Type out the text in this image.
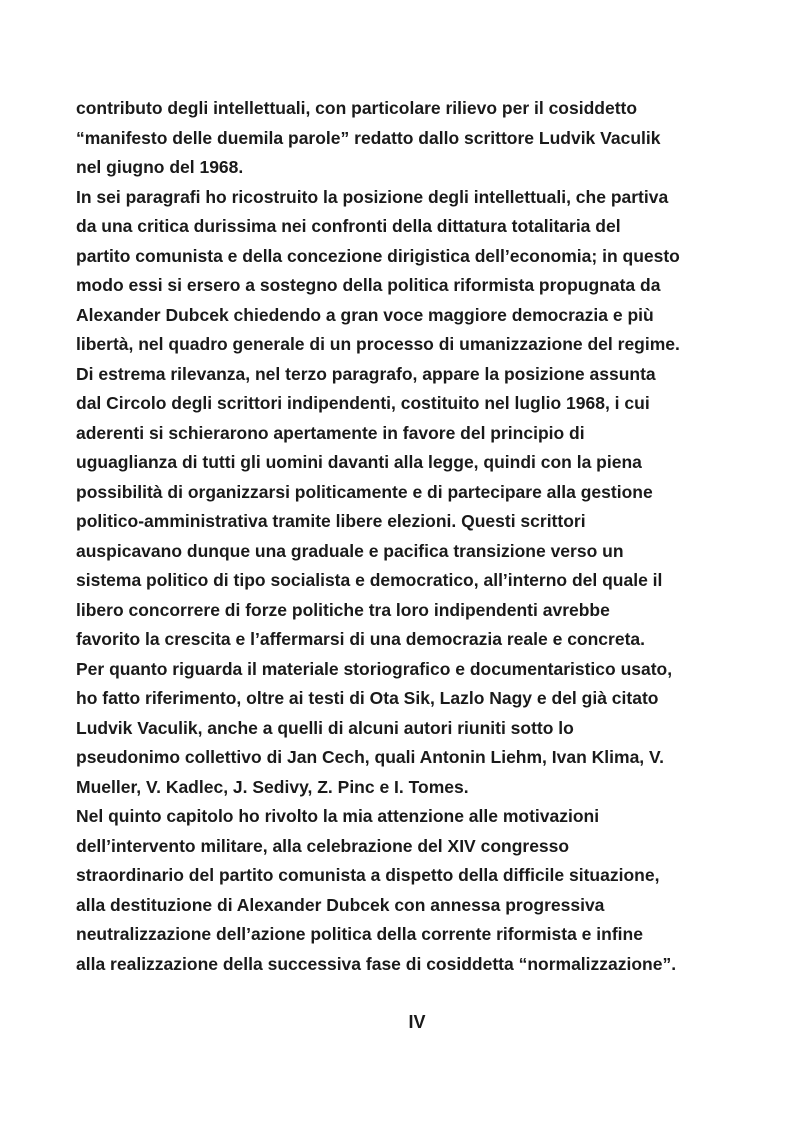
contributo degli intellettuali, con particolare rilievo per il cosiddetto
“manifesto delle duemila parole” redatto dallo scrittore Ludvik Vaculik
nel giugno del 1968.
In sei paragrafi ho ricostruito la posizione degli intellettuali, che partiva
da una critica durissima nei confronti della dittatura totalitaria del
partito comunista e della concezione dirigistica dell’economia; in questo
modo essi si ersero a sostegno della politica riformista propugnata da
Alexander Dubcek chiedendo a gran voce maggiore democrazia e più
libertà, nel quadro generale di un processo di umanizzazione del regime.
Di estrema rilevanza, nel terzo paragrafo, appare la posizione assunta
dal Circolo degli scrittori indipendenti, costituito nel luglio 1968, i cui
aderenti si schierarono apertamente in favore del principio di
uguaglianza di tutti gli uomini davanti alla legge, quindi con la piena
possibilità di organizzarsi politicamente e di partecipare alla gestione
politico-amministrativa tramite libere elezioni. Questi scrittori
auspicavano dunque una graduale e pacifica transizione verso un
sistema politico di tipo socialista e democratico, all’interno del quale il
libero concorrere di forze politiche tra loro indipendenti avrebbe
favorito la crescita e l’affermarsi di una democrazia reale e concreta.
Per quanto riguarda il materiale storiografico e documentaristico usato,
ho fatto riferimento, oltre ai testi di Ota Sik, Lazlo Nagy e del già citato
Ludvik Vaculik, anche a quelli di alcuni autori riuniti sotto lo
pseudonimo collettivo di Jan Cech, quali Antonin Liehm, Ivan Klima, V.
Mueller, V. Kadlec, J. Sedivy, Z. Pinc e I. Tomes.
Nel quinto capitolo ho rivolto la mia attenzione alle motivazioni
dell’intervento militare, alla celebrazione del XIV congresso
straordinario del partito comunista a dispetto della difficile situazione,
alla destituzione di Alexander Dubcek con annessa progressiva
neutralizzazione dell’azione politica della corrente riformista e infine
alla realizzazione della successiva fase di cosiddetta “normalizzazione”.
IV
